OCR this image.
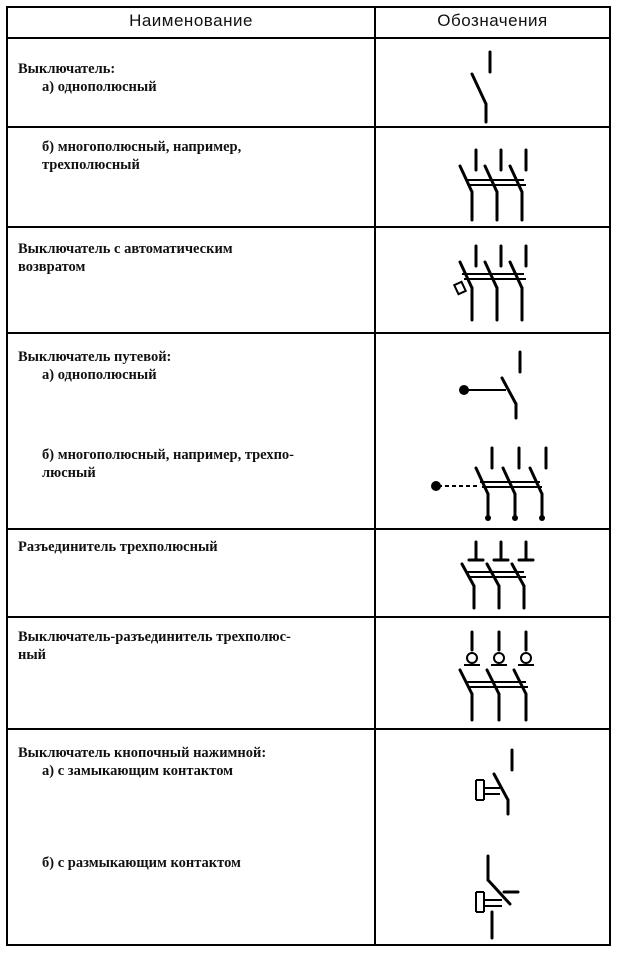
Наименование	Обозначения
Выключатель:
а) однополюсный
б) многополюсный, например,
трехполюсный
Выключатель с автоматическим
возвратом
Выключатель путевой:
а) однополюсный
б) многополюсный, например, трехпо-
люсный
Разъединитель трехполюсный
Выключатель-разъединитель трехполюс-
ный
Выключатель кнопочный нажимной:
а) с замыкающим контактом
б) с размыкающим контактом
